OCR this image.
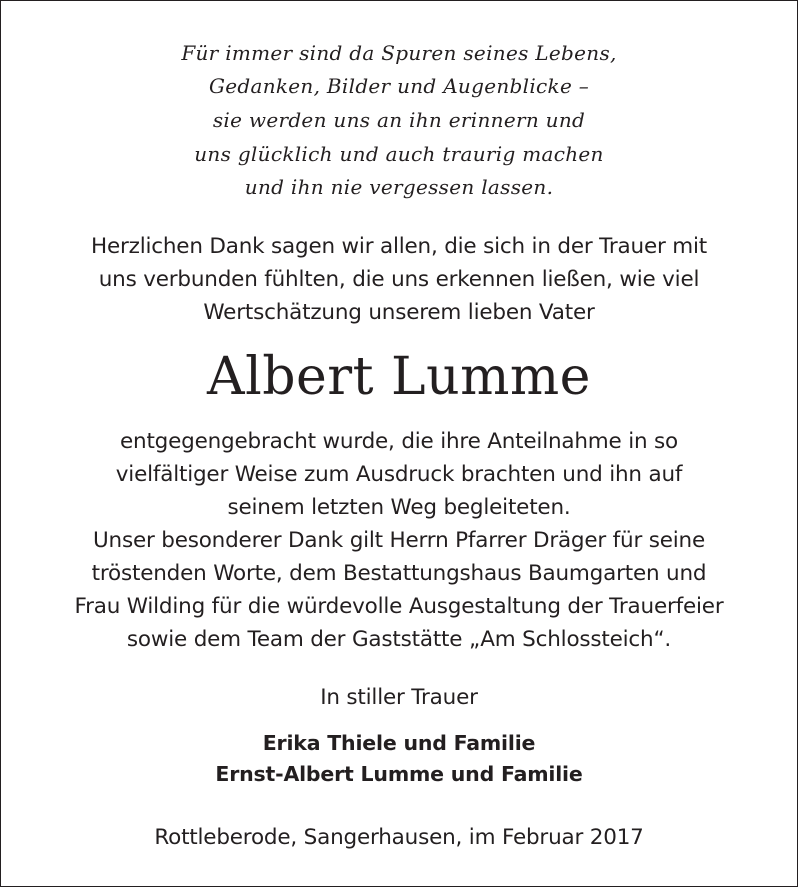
Für immer sind da Spuren seines Lebens,
Gedanken, Bilder und Augenblicke –
sie werden uns an ihn erinnern und
uns glücklich und auch traurig machen
und ihn nie vergessen lassen.
Herzlichen Dank sagen wir allen, die sich in der Trauer mit
uns verbunden fühlten, die uns erkennen ließen, wie viel
Wertschätzung unserem lieben Vater
Albert Lumme
entgegengebracht wurde, die ihre Anteilnahme in so
vielfältiger Weise zum Ausdruck brachten und ihn auf
seinem letzten Weg begleiteten.
Unser besonderer Dank gilt Herrn Pfarrer Dräger für seine
tröstenden Worte, dem Bestattungshaus Baumgarten und
Frau Wilding für die würdevolle Ausgestaltung der Trauerfeier
sowie dem Team der Gaststätte „Am Schlossteich“.
In stiller Trauer
Erika Thiele und Familie
Ernst-Albert Lumme und Familie
Rottleberode, Sangerhausen, im Februar 2017
